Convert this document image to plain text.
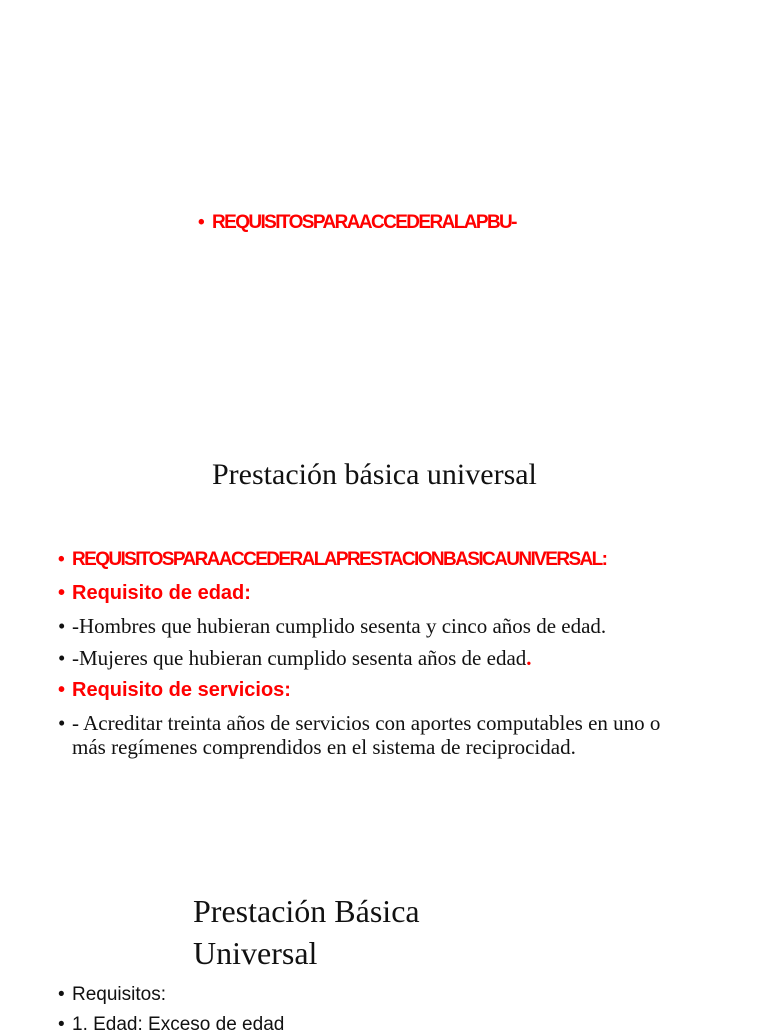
• REQUISITOSPARAACCEDERALAPBU-
Prestación básica universal
• REQUISITOSPARAACCEDERALAPRESTACIONBASICAUNIVERSAL:
• Requisito de edad:
• -Hombres que hubieran cumplido sesenta y cinco años de edad.
• -Mujeres que hubieran cumplido sesenta años de edad.
• Requisito de servicios:
• - Acreditar treinta años de servicios con aportes computables en uno o
más regímenes comprendidos en el sistema de reciprocidad.
Prestación Básica
Universal
• Requisitos:
• 1. Edad: Exceso de edad
